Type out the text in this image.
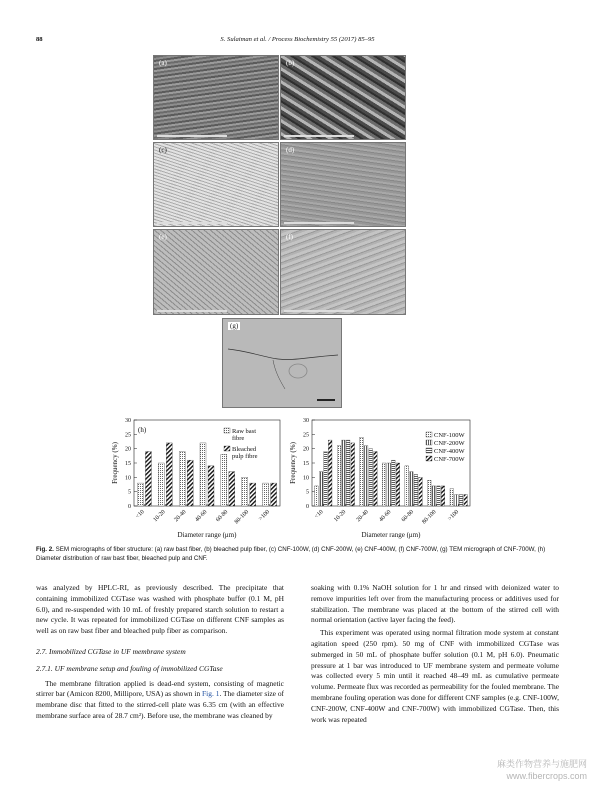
88	S. Sulaiman et al. / Process Biochemistry 55 (2017) 85–95
(a)	(b)
(c)	(d)
(e)	(f)
(g)
0
5
10
15
20
25
30
<10 10-20 20-40 40-60 60-80 80-100 >100
Diameter range (μm)
Frequency (%)
(h)	Raw bast
fibre
Bleached
pulp fibre
0
5
10
15
20
25
30
<10 10-20 20-40 40-60 60-80 80-100 >100
Diameter range (μm)
Frequency (%)
CNF-100W
CNF-200W
CNF-400W
CNF-700W
Fig. 2. SEM micrographs of fiber structure: (a) raw bast fiber, (b) bleached pulp fiber, (c) CNF-100W, (d) CNF-200W, (e) CNF-400W, (f) CNF-700W, (g) TEM micrograph of CNF-700W, (h) Diameter distribution of raw bast fiber, bleached pulp and CNF.

was analyzed by HPLC-RI, as previously described. The precipitate that containing immobilized CGTase was washed with phosphate buffer (0.1 M, pH 6.0), and re-suspended with 10 mL of freshly prepared starch solution to restart a new cycle. It was repeated for immobilized CGTase on different CNF samples as well as on raw bast fiber and bleached pulp fiber as comparison.

2.7. Immobilized CGTase in UF membrane system

2.7.1. UF membrane setup and fouling of immobilized CGTase

The membrane filtration applied is dead-end system, consisting of magnetic stirrer bar (Amicon 8200, Millipore, USA) as shown in Fig. 1. The diameter size of membrane disc that fitted to the stirred-cell plate was 6.35 cm (with an effective membrane surface area of 28.7 cm²). Before use, the membrane was cleaned by

soaking with 0.1% NaOH solution for 1 hr and rinsed with deionized water to remove impurities left over from the manufacturing process or additives used for stabilization. The membrane was placed at the bottom of the stirred cell with normal orientation (active layer facing the feed).

This experiment was operated using normal filtration mode system at constant agitation speed (250 rpm). 50 mg of CNF with immobilized CGTase was submerged in 50 mL of phosphate buffer solution (0.1 M, pH 6.0). Pneumatic pressure at 1 bar was introduced to UF membrane system and permeate volume was collected every 5 min until it reached 48–49 mL as cumulative permeate volume. Permeate flux was recorded as permeability for the fouled membrane. The membrane fouling operation was done for different CNF samples (e.g. CNF-100W, CNF-200W, CNF-400W and CNF-700W) with immobilized CGTase. Then, this work was repeated

麻类作物营养与施肥网
www.fibercrops.com
